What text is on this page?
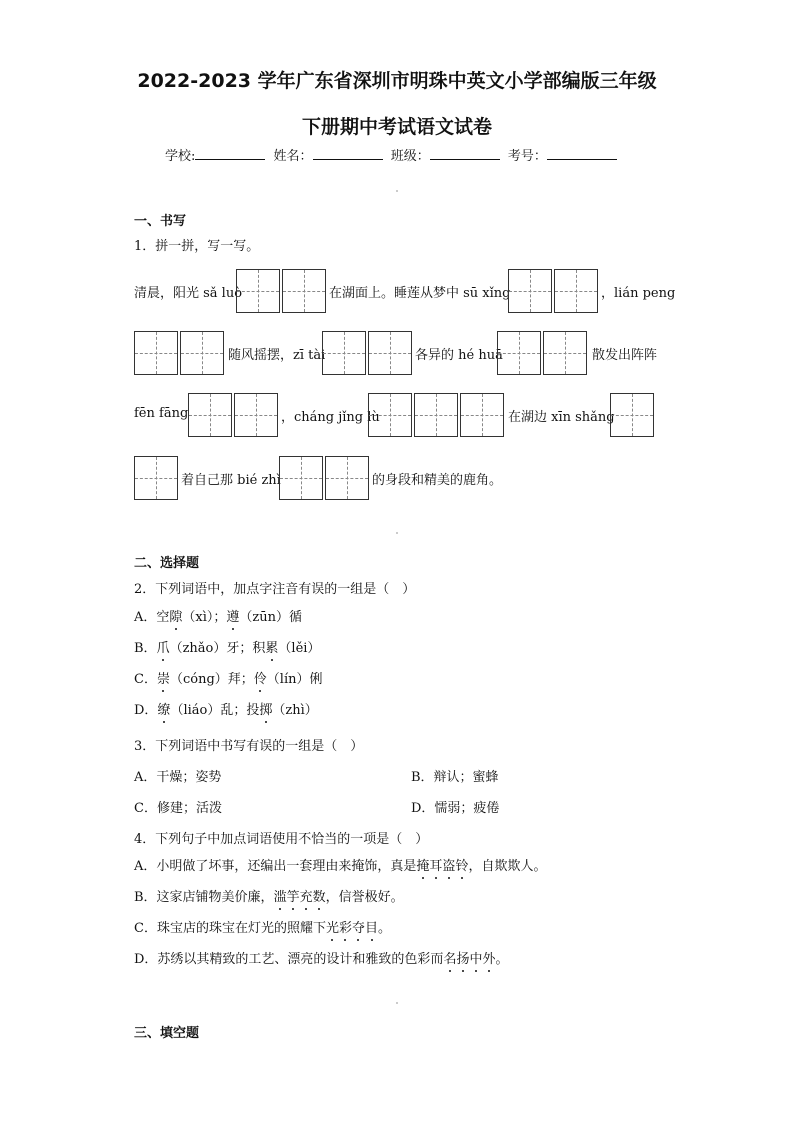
2022-2023 学年广东省深圳市明珠中英文小学部编版三年级
下册期中考试语文试卷
学校:	姓名：	班级：	考号：
一、书写
1．拼一拼，写一写。
清晨，阳光 sǎ luò	在湖面上。睡莲从梦中 sū xǐng	，lián peng
随风摇摆，zī tài	各异的 hé huā	散发出阵阵
fēn fāng	，cháng jǐng lù	在湖边 xīn shǎng
着自己那 bié zhì	的身段和精美的鹿角。
二、选择题
2．下列词语中，加点字注音有误的一组是（　）
A．空隙（xì）；遵（zūn）循
B．爪（zhǎo）牙；积累（lěi）
C．崇（cóng）拜；伶（lín）俐
D．缭（liáo）乱；投掷（zhì）
3．下列词语中书写有误的一组是（　）
A．干燥；姿势	B．辩认；蜜蜂
C．修建；活泼	D．懦弱；疲倦
4．下列句子中加点词语使用不恰当的一项是（　）
A．小明做了坏事，还编出一套理由来掩饰，真是掩耳盗铃，自欺欺人。
B．这家店铺物美价廉，滥竽充数，信誉极好。
C．珠宝店的珠宝在灯光的照耀下光彩夺目。
D．苏绣以其精致的工艺、漂亮的设计和雅致的色彩而名扬中外。
三、填空题
